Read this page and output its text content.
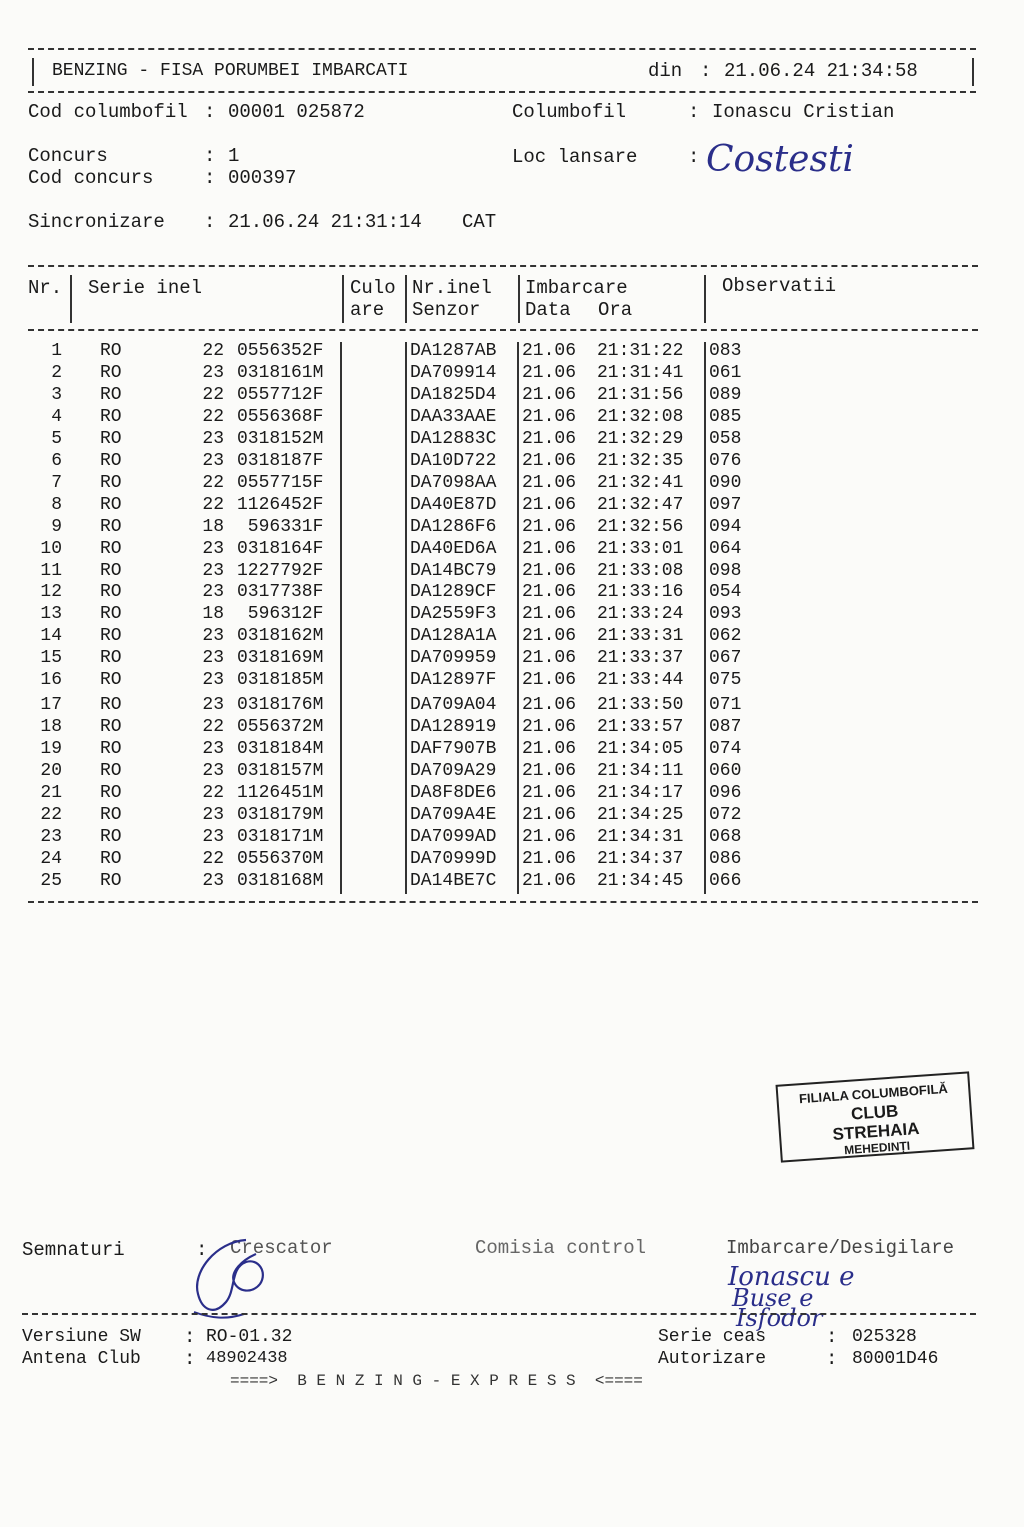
BENZING - FISA PORUMBEI IMBARCATI	din : 21.06.24 21:34:58
Cod columbofil : 00001 025872	Columbofil	: Ionascu Cristian
Concurs	: 1
Cod concurs	: 000397
Loc lansare	: Costesti
Sincronizare : 21.06.24 21:31:14 CAT
Nr. Serie inel	Culo
are
Nr.inel
Senzor
Imbarcare
Data Ora
Observatii
1 RO	22 0556352F	DA1287AB	21.06	21:31:22	083
2 RO	23 0318161M	DA709914	21.06	21:31:41	061
3 RO	22 0557712F	DA1825D4	21.06	21:31:56	089
4 RO	22 0556368F	DAA33AAE	21.06	21:32:08	085
5 RO	23 0318152M	DA12883C	21.06	21:32:29	058
6 RO	23 0318187F	DA10D722	21.06	21:32:35	076
7 RO	22 0557715F	DA7098AA	21.06	21:32:41	090
8 RO	22 1126452F	DA40E87D	21.06	21:32:47	097
9 RO	18 596331F	DA1286F6	21.06	21:32:56	094
10 RO	23 0318164F	DA40ED6A	21.06	21:33:01	064
11 RO	23 1227792F	DA14BC79	21.06	21:33:08	098
12 RO	23 0317738F	DA1289CF	21.06	21:33:16	054
13 RO	18 596312F	DA2559F3	21.06	21:33:24	093
14 RO	23 0318162M	DA128A1A	21.06	21:33:31	062
15 RO	23 0318169M	DA709959	21.06	21:33:37	067
16 RO	23 0318185M	DA12897F	21.06	21:33:44	075
17 RO	23 0318176M	DA709A04	21.06	21:33:50	071
18 RO	22 0556372M	DA128919	21.06	21:33:57	087
19 RO	23 0318184M	DAF7907B	21.06	21:34:05	074
20 RO	23 0318157M	DA709A29	21.06	21:34:11	060
21 RO	22 1126451M	DA8F8DE6	21.06	21:34:17	096
22 RO	23 0318179M	DA709A4E	21.06	21:34:25	072
23 RO	23 0318171M	DA7099AD	21.06	21:34:31	068
24 RO	22 0556370M	DA70999D	21.06	21:34:37	086
25 RO	23 0318168M	DA14BE7C	21.06	21:34:45	066
FILIALA COLUMBOFILĂ
CLUB
STREHAIA
MEHEDINȚI
Semnaturi	: Crescator	Comisia control	Imbarcare/Desigilare
Ionascu e
Buse e
Isfodor
Versiune SW : RO-01.32
Antena Club : 48902438
Serie ceas	: 025328
Autorizare	: 80001D46
====>  B E N Z I N G - E X P R E S S  <====
